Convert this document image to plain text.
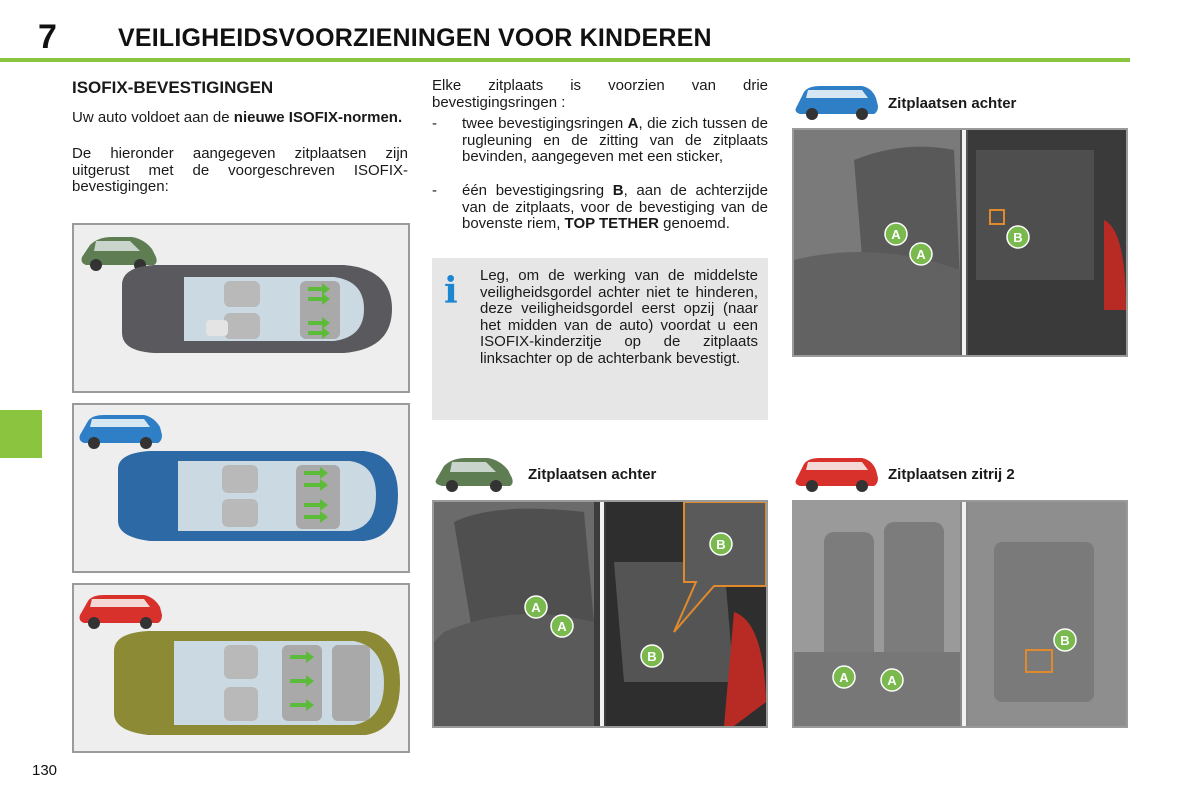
7 VEILIGHEIDSVOORZIENINGEN VOOR KINDEREN
130
ISOFIX-BEVESTIGINGEN
Uw auto voldoet aan de nieuwe ISOFIX-normen.
De hieronder aangegeven zitplaatsen zijn uitgerust met de voorgeschreven ISOFIX-bevestigingen:
Elke zitplaats is voorzien van drie bevestigingsringen :
- twee bevestigingsringen A, die zich tussen de rugleuning en de zitting van de zitplaats bevinden, aangegeven met een sticker,
- één bevestigingsring B, aan de achterzijde van de zitplaats, voor de bevestiging van de bovenste riem, TOP TETHER genoemd.
i Leg, om de werking van de middelste veiligheidsgordel achter niet te hinderen, deze veiligheidsgordel eerst opzij (naar het midden van de auto) voordat u een ISOFIX-kinderzitje op de zitplaats linksachter op de achterbank bevestigt.
Zitplaatsen achter
A
A
B
B
Zitplaatsen achter
A
A
B
Zitplaatsen zitrij 2
A	A
B
